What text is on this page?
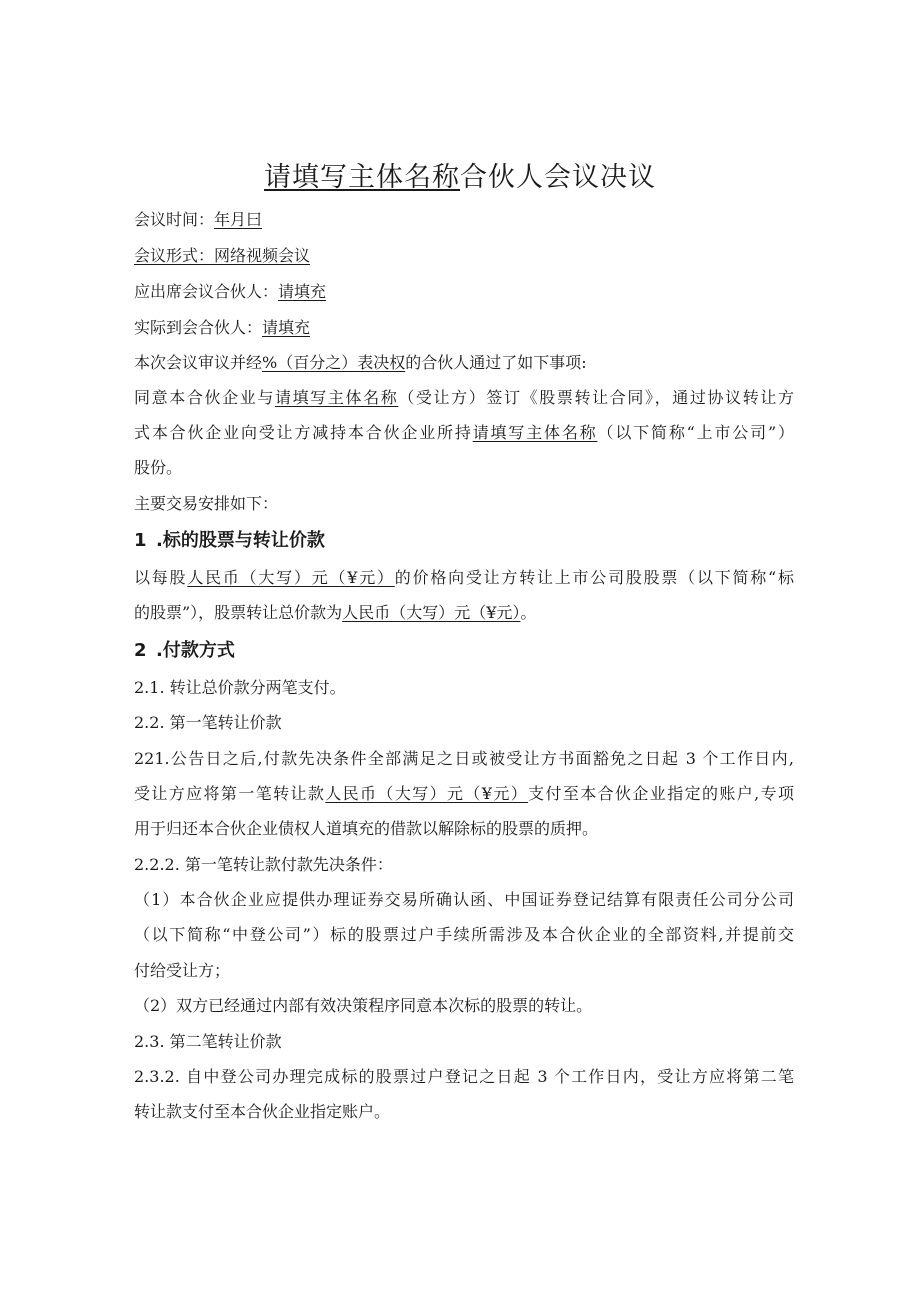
请填写主体名称合伙人会议决议
会议时间：年月曰
会议形式：网络视频会议
应出席会议合伙人：请填充
实际到会合伙人：请填充
本次会议审议并经%（百分之）表决权的合伙人通过了如下事项:
同意本合伙企业与请填写主体名称（受让方）签订《股票转让合同》，通过协议转让方
式本合伙企业向受让方减持本合伙企业所持请填写主体名称（以下简称“上市公司”）
股份。
主要交易安排如下：
1 .标的股票与转让价款
以每股人民币（大写）元（¥元）的价格向受让方转让上市公司股股票（以下简称“标
的股票”），股票转让总价款为人民币（大写）元（¥元）。
2 .付款方式
2.1. 转让总价款分两笔支付。
2.2. 第一笔转让价款
221.公告日之后,付款先决条件全部满足之日或被受让方书面豁免之日起 3 个工作日内,
受让方应将第一笔转让款人民币（大写）元（¥元）支付至本合伙企业指定的账户,专项
用于归还本合伙企业债权人道填充的借款以解除标的股票的质押。
2.2.2. 第一笔转让款付款先决条件：
（1）本合伙企业应提供办理证券交易所确认函、中国证券登记结算有限责任公司分公司
（以下简称“中登公司”）标的股票过户手续所需涉及本合伙企业的全部资料,并提前交
付给受让方；
（2）双方已经通过内部有效决策程序同意本次标的股票的转让。
2.3. 第二笔转让价款
2.3.2. 自中登公司办理完成标的股票过户登记之日起 3 个工作日内，受让方应将第二笔
转让款支付至本合伙企业指定账户。
